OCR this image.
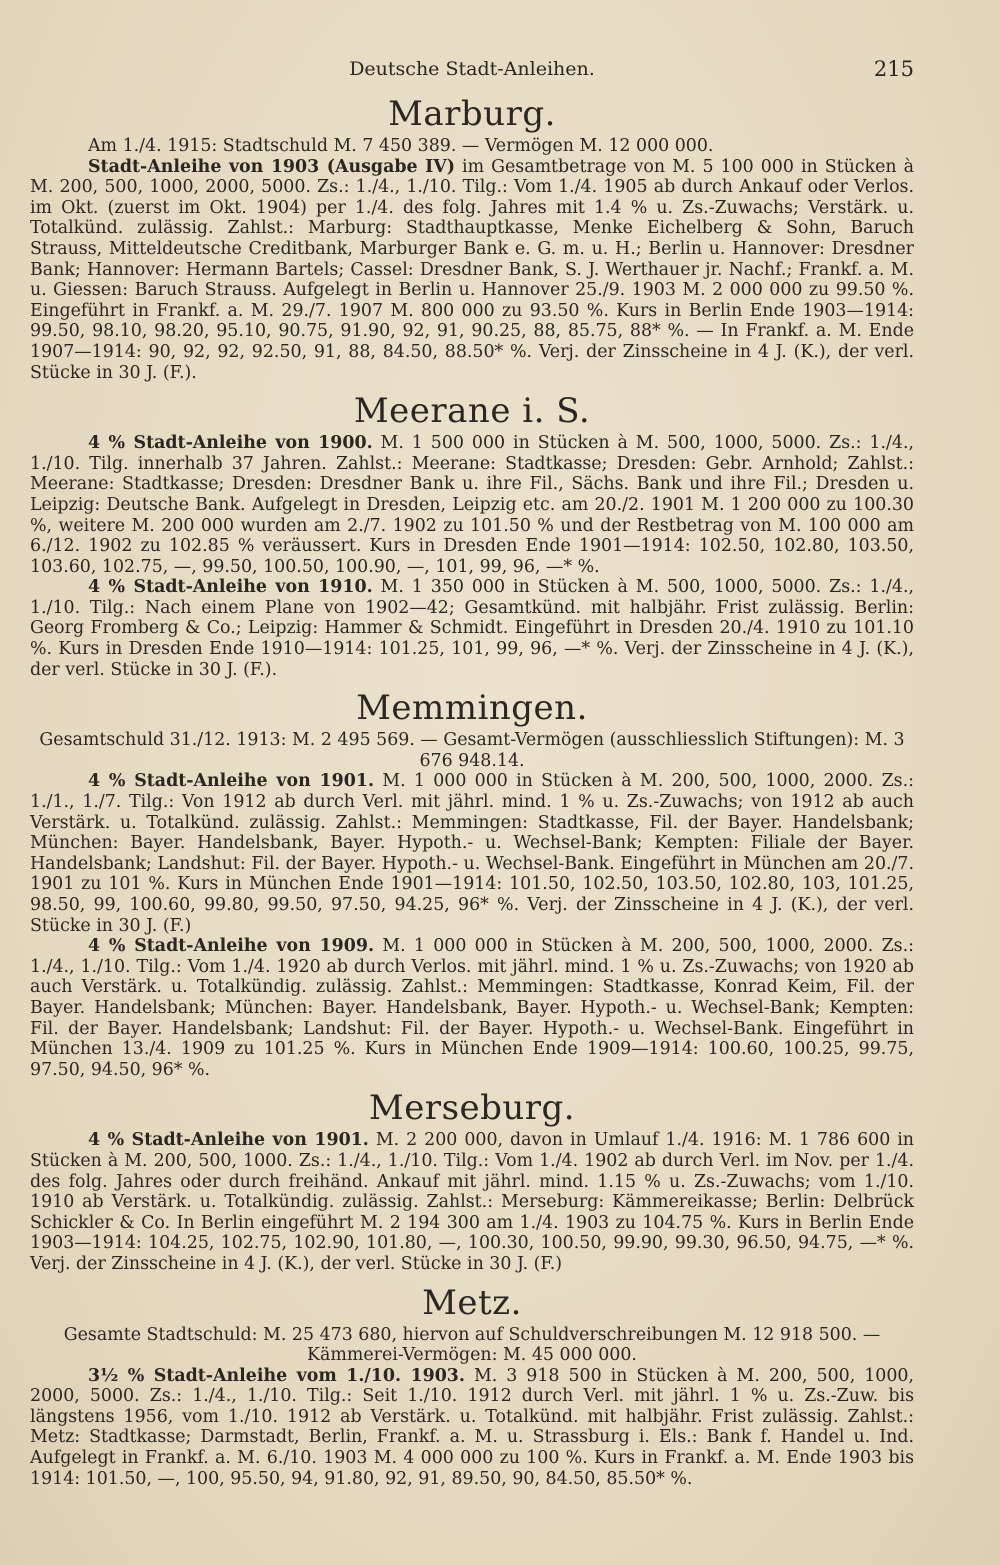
Deutsche Stadt-Anleihen.	215
Marburg.

Am 1./4. 1915: Stadtschuld M. 7 450 389. — Vermögen M. 12 000 000.

Stadt-Anleihe von 1903 (Ausgabe IV) im Gesamtbetrage von M. 5 100 000 in Stücken à M. 200, 500, 1000, 2000, 5000. Zs.: 1./4., 1./10. Tilg.: Vom 1./4. 1905 ab durch Ankauf oder Verlos. im Okt. (zuerst im Okt. 1904) per 1./4. des folg. Jahres mit 1.4 % u. Zs.-Zuwachs; Verstärk. u. Totalkünd. zulässig. Zahlst.: Marburg: Stadthauptkasse, Menke Eichelberg & Sohn, Baruch Strauss, Mitteldeutsche Creditbank, Marburger Bank e. G. m. u. H.; Berlin u. Hannover: Dresdner Bank; Hannover: Hermann Bartels; Cassel: Dresdner Bank, S. J. Werthauer jr. Nachf.; Frankf. a. M. u. Giessen: Baruch Strauss. Aufgelegt in Berlin u. Hannover 25./9. 1903 M. 2 000 000 zu 99.50 %. Eingeführt in Frankf. a. M. 29./7. 1907 M. 800 000 zu 93.50 %. Kurs in Berlin Ende 1903—1914: 99.50, 98.10, 98.20, 95.10, 90.75, 91.90, 92, 91, 90.25, 88, 85.75, 88* %. — In Frankf. a. M. Ende 1907—1914: 90, 92, 92, 92.50, 91, 88, 84.50, 88.50* %. Verj. der Zinsscheine in 4 J. (K.), der verl. Stücke in 30 J. (F.).

Meerane i. S.

4 % Stadt-Anleihe von 1900. M. 1 500 000 in Stücken à M. 500, 1000, 5000. Zs.: 1./4., 1./10. Tilg. innerhalb 37 Jahren. Zahlst.: Meerane: Stadtkasse; Dresden: Gebr. Arnhold; Zahlst.: Meerane: Stadtkasse; Dresden: Dresdner Bank u. ihre Fil., Sächs. Bank und ihre Fil.; Dresden u. Leipzig: Deutsche Bank. Aufgelegt in Dresden, Leipzig etc. am 20./2. 1901 M. 1 200 000 zu 100.30 %, weitere M. 200 000 wurden am 2./7. 1902 zu 101.50 % und der Restbetrag von M. 100 000 am 6./12. 1902 zu 102.85 % veräussert. Kurs in Dresden Ende 1901—1914: 102.50, 102.80, 103.50, 103.60, 102.75, —, 99.50, 100.50, 100.90, —, 101, 99, 96, —* %.

4 % Stadt-Anleihe von 1910. M. 1 350 000 in Stücken à M. 500, 1000, 5000. Zs.: 1./4., 1./10. Tilg.: Nach einem Plane von 1902—42; Gesamtkünd. mit halbjähr. Frist zulässig. Berlin: Georg Fromberg & Co.; Leipzig: Hammer & Schmidt. Eingeführt in Dresden 20./4. 1910 zu 101.10 %. Kurs in Dresden Ende 1910—1914: 101.25, 101, 99, 96, —* %. Verj. der Zinsscheine in 4 J. (K.), der verl. Stücke in 30 J. (F.).

Memmingen.

Gesamtschuld 31./12. 1913: M. 2 495 569. — Gesamt-Vermögen (ausschliesslich Stiftungen): M. 3 676 948.14.

4 % Stadt-Anleihe von 1901. M. 1 000 000 in Stücken à M. 200, 500, 1000, 2000. Zs.: 1./1., 1./7. Tilg.: Von 1912 ab durch Verl. mit jährl. mind. 1 % u. Zs.-Zuwachs; von 1912 ab auch Verstärk. u. Totalkünd. zulässig. Zahlst.: Memmingen: Stadtkasse, Fil. der Bayer. Handelsbank; München: Bayer. Handelsbank, Bayer. Hypoth.- u. Wechsel-Bank; Kempten: Filiale der Bayer. Handelsbank; Landshut: Fil. der Bayer. Hypoth.- u. Wechsel-Bank. Eingeführt in München am 20./7. 1901 zu 101 %. Kurs in München Ende 1901—1914: 101.50, 102.50, 103.50, 102.80, 103, 101.25, 98.50, 99, 100.60, 99.80, 99.50, 97.50, 94.25, 96* %. Verj. der Zinsscheine in 4 J. (K.), der verl. Stücke in 30 J. (F.)

4 % Stadt-Anleihe von 1909. M. 1 000 000 in Stücken à M. 200, 500, 1000, 2000. Zs.: 1./4., 1./10. Tilg.: Vom 1./4. 1920 ab durch Verlos. mit jährl. mind. 1 % u. Zs.-Zuwachs; von 1920 ab auch Verstärk. u. Totalkündig. zulässig. Zahlst.: Memmingen: Stadtkasse, Konrad Keim, Fil. der Bayer. Handelsbank; München: Bayer. Handelsbank, Bayer. Hypoth.- u. Wechsel-Bank; Kempten: Fil. der Bayer. Handelsbank; Landshut: Fil. der Bayer. Hypoth.- u. Wechsel-Bank. Eingeführt in München 13./4. 1909 zu 101.25 %. Kurs in München Ende 1909—1914: 100.60, 100.25, 99.75, 97.50, 94.50, 96* %.

Merseburg.

4 % Stadt-Anleihe von 1901. M. 2 200 000, davon in Umlauf 1./4. 1916: M. 1 786 600 in Stücken à M. 200, 500, 1000. Zs.: 1./4., 1./10. Tilg.: Vom 1./4. 1902 ab durch Verl. im Nov. per 1./4. des folg. Jahres oder durch freihänd. Ankauf mit jährl. mind. 1.15 % u. Zs.-Zuwachs; vom 1./10. 1910 ab Verstärk. u. Totalkündig. zulässig. Zahlst.: Merseburg: Kämmereikasse; Berlin: Delbrück Schickler & Co. In Berlin eingeführt M. 2 194 300 am 1./4. 1903 zu 104.75 %. Kurs in Berlin Ende 1903—1914: 104.25, 102.75, 102.90, 101.80, —, 100.30, 100.50, 99.90, 99.30, 96.50, 94.75, —* %. Verj. der Zinsscheine in 4 J. (K.), der verl. Stücke in 30 J. (F.)

Metz.

Gesamte Stadtschuld: M. 25 473 680, hiervon auf Schuldverschreibungen M. 12 918 500. — Kämmerei-Vermögen: M. 45 000 000.

3½ % Stadt-Anleihe vom 1./10. 1903. M. 3 918 500 in Stücken à M. 200, 500, 1000, 2000, 5000. Zs.: 1./4., 1./10. Tilg.: Seit 1./10. 1912 durch Verl. mit jährl. 1 % u. Zs.-Zuw. bis längstens 1956, vom 1./10. 1912 ab Verstärk. u. Totalkünd. mit halbjähr. Frist zulässig. Zahlst.: Metz: Stadtkasse; Darmstadt, Berlin, Frankf. a. M. u. Strassburg i. Els.: Bank f. Handel u. Ind. Aufgelegt in Frankf. a. M. 6./10. 1903 M. 4 000 000 zu 100 %. Kurs in Frankf. a. M. Ende 1903 bis 1914: 101.50, —, 100, 95.50, 94, 91.80, 92, 91, 89.50, 90, 84.50, 85.50* %.
